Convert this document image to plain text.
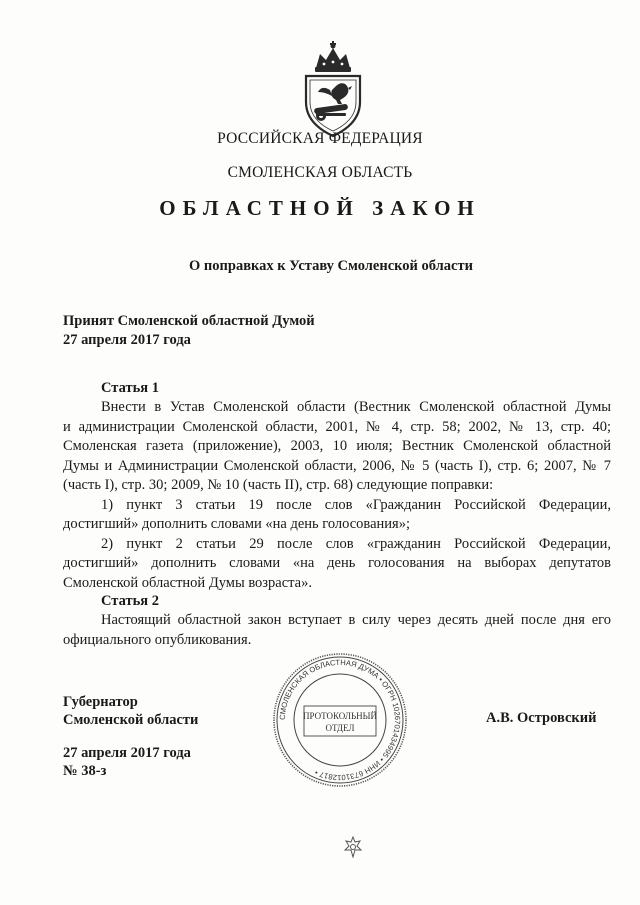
РОССИЙСКАЯ ФЕДЕРАЦИЯ
СМОЛЕНСКАЯ ОБЛАСТЬ
ОБЛАСТНОЙ ЗАКОН
О поправках к Уставу Смоленской области
Принят Смоленской областной Думой
27 апреля 2017 года
Статья 1
Внести в Устав Смоленской области (Вестник Смоленской областной Думы
и администрации Смоленской области, 2001, № 4, стр. 58; 2002, № 13, стр. 40;
Смоленская газета (приложение), 2003, 10 июля; Вестник Смоленской областной
Думы и Администрации Смоленской области, 2006, № 5 (часть I), стр. 6; 2007, № 7
(часть I), стр. 30; 2009, № 10 (часть II), стр. 68) следующие поправки:
1) пункт 3 статьи 19 после слов «Гражданин Российской Федерации,
достигший» дополнить словами «на день голосования»;
2) пункт 2 статьи 29 после слов «гражданин Российской Федерации,
достигший» дополнить словами «на день голосования на выборах депутатов
Смоленской областной Думы возраста».
Статья 2
Настоящий областной закон вступает в силу через десять дней после дня его
официального опубликования.
Губернатор
Смоленской области	А.В. Островский
27 апреля 2017 года
№ 38-з
СМОЛЕНСКАЯ ОБЛАСТНАЯ ДУМА • ОГРН 1026701434995 • ИНН 6731012817 •
ПРОТОКОЛЬНЫЙ
ОТДЕЛ
